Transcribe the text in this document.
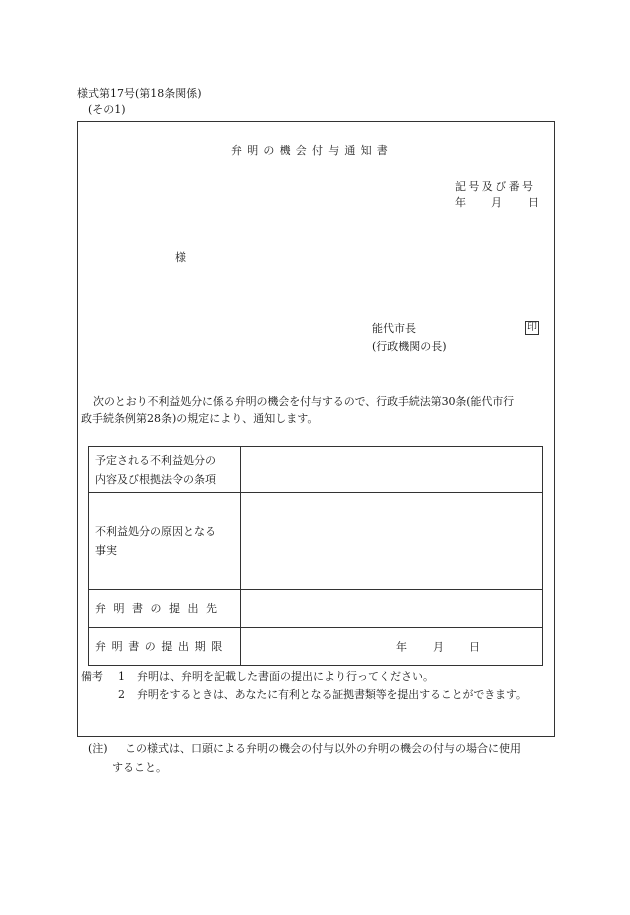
様式第17号(第18条関係)
(その1)
弁明の機会付与通知書
記号及び番号
年 月 日
様
能代市長	印
(行政機関の長)
次のとおり不利益処分に係る弁明の機会を付与するので、行政手続法第30条(能代市行
政手続条例第28条)の規定により、通知します。
予定される不利益処分の
内容及び根拠法令の条項	

不利益処分の原因となる
事実	

弁明書の提出先	
弁明書の提出期限	年 月 日
備考 1 弁明は、弁明を記載した書面の提出により行ってください。
2 弁明をするときは、あなたに有利となる証拠書類等を提出することができます。
(注) この様式は、口頭による弁明の機会の付与以外の弁明の機会の付与の場合に使用
すること。
